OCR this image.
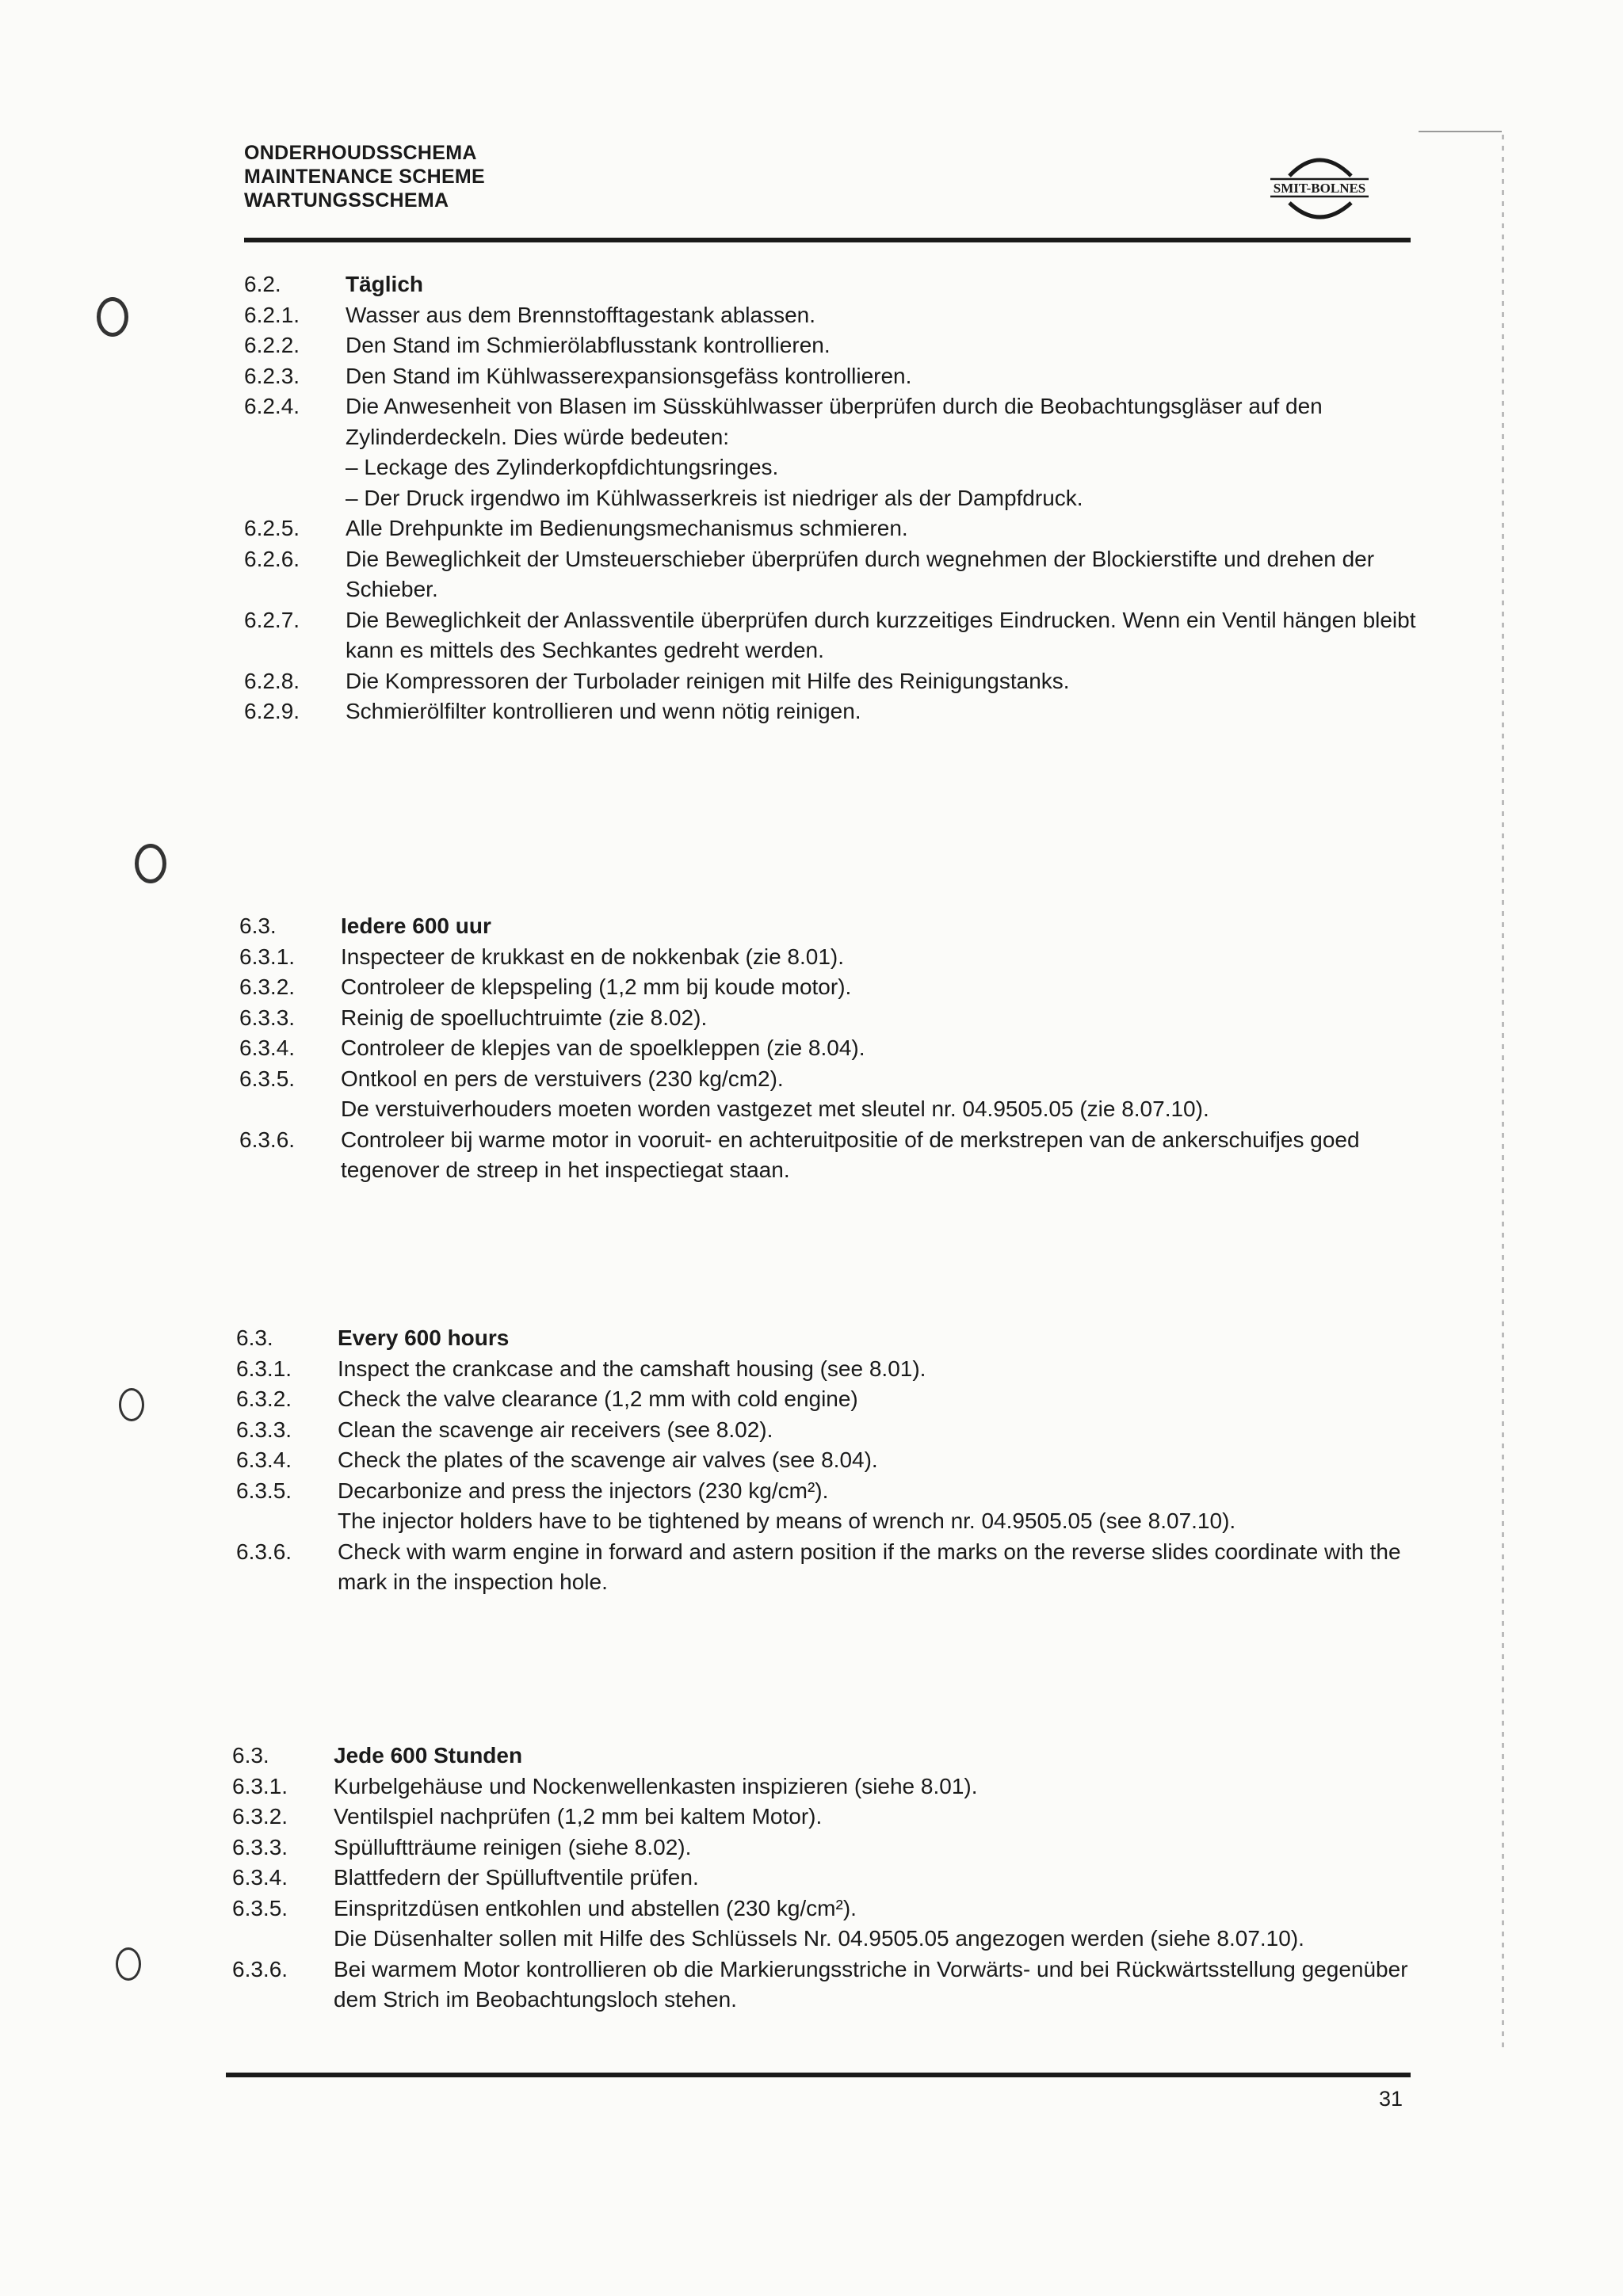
ONDERHOUDSSCHEMA
MAINTENANCE SCHEME
WARTUNGSSCHEMA
SMIT-BOLNES
6.2.	Täglich
6.2.1.	Wasser aus dem Brennstofftagestank ablassen.
6.2.2.	Den Stand im Schmierölabflusstank kontrollieren.
6.2.3.	Den Stand im Kühlwasserexpansionsgefäss kontrollieren.
6.2.4.	Die Anwesenheit von Blasen im Süsskühlwasser überprüfen durch die Beobachtungsgläser auf den Zylinderdeckeln. Dies würde bedeuten:
– Leckage des Zylinderkopfdichtungsringes.
– Der Druck irgendwo im Kühlwasserkreis ist niedriger als der Dampfdruck.
6.2.5.	Alle Drehpunkte im Bedienungsmechanismus schmieren.
6.2.6.	Die Beweglichkeit der Umsteuerschieber überprüfen durch wegnehmen der Blockierstifte und drehen der Schieber.
6.2.7.	Die Beweglichkeit der Anlassventile überprüfen durch kurzzeitiges Eindrucken. Wenn ein Ventil hängen bleibt kann es mittels des Sechkantes gedreht werden.
6.2.8.	Die Kompressoren der Turbolader reinigen mit Hilfe des Reinigungstanks.
6.2.9.	Schmierölfilter kontrollieren und wenn nötig reinigen.
6.3.	Iedere 600 uur
6.3.1.	Inspecteer de krukkast en de nokkenbak (zie 8.01).
6.3.2.	Controleer de klepspeling (1,2 mm bij koude motor).
6.3.3.	Reinig de spoelluchtruimte (zie 8.02).
6.3.4.	Controleer de klepjes van de spoelkleppen (zie 8.04).
6.3.5.	Ontkool en pers de verstuivers (230 kg/cm2).
De verstuiverhouders moeten worden vastgezet met sleutel nr. 04.9505.05 (zie 8.07.10).
6.3.6.	Controleer bij warme motor in vooruit- en achteruitpositie of de merkstrepen van de ankerschuifjes goed tegenover de streep in het inspectiegat staan.
6.3.	Every 600 hours
6.3.1.	Inspect the crankcase and the camshaft housing (see 8.01).
6.3.2.	Check the valve clearance (1,2 mm with cold engine)
6.3.3.	Clean the scavenge air receivers (see 8.02).
6.3.4.	Check the plates of the scavenge air valves (see 8.04).
6.3.5.	Decarbonize and press the injectors (230 kg/cm²).
The injector holders have to be tightened by means of wrench nr. 04.9505.05 (see 8.07.10).
6.3.6.	Check with warm engine in forward and astern position if the marks on the reverse slides coordinate with the mark in the inspection hole.
6.3.	Jede 600 Stunden
6.3.1.	Kurbelgehäuse und Nockenwellenkasten inspizieren (siehe 8.01).
6.3.2.	Ventilspiel nachprüfen (1,2 mm bei kaltem Motor).
6.3.3.	Spülluftträume reinigen (siehe 8.02).
6.3.4.	Blattfedern der Spülluftventile prüfen.
6.3.5.	Einspritzdüsen entkohlen und abstellen (230 kg/cm²).
Die Düsenhalter sollen mit Hilfe des Schlüssels Nr. 04.9505.05 angezogen werden (siehe 8.07.10).
6.3.6.	Bei warmem Motor kontrollieren ob die Markierungsstriche in Vorwärts- und bei Rückwärtsstellung gegenüber dem Strich im Beobachtungsloch stehen.
31
